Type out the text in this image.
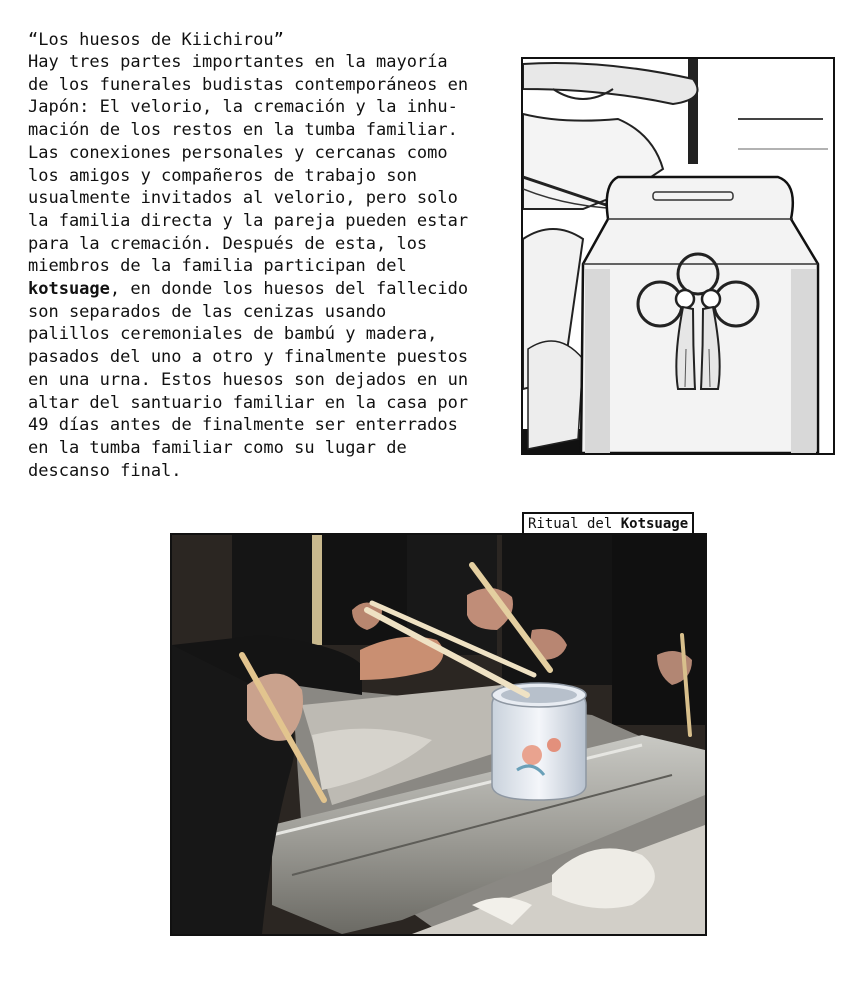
“Los huesos de Kiichirou”
Hay tres partes importantes en la mayoría
de los funerales budistas contemporáneos en
Japón: El velorio, la cremación y la inhu-
mación de los restos en la tumba familiar.
Las conexiones personales y cercanas como
los amigos y compañeros de trabajo son
usualmente invitados al velorio, pero solo
la familia directa y la pareja pueden estar
para la cremación. Después de esta, los
miembros de la familia participan del
kotsuage, en donde los huesos del fallecido
son separados de las cenizas usando
palillos ceremoniales de bambú y madera,
pasados del uno a otro y finalmente puestos
en una urna. Estos huesos son dejados en un
altar del santuario familiar en la casa por
49 días antes de finalmente ser enterrados
en la tumba familiar como su lugar de
descanso final.
Ritual del Kotsuage
